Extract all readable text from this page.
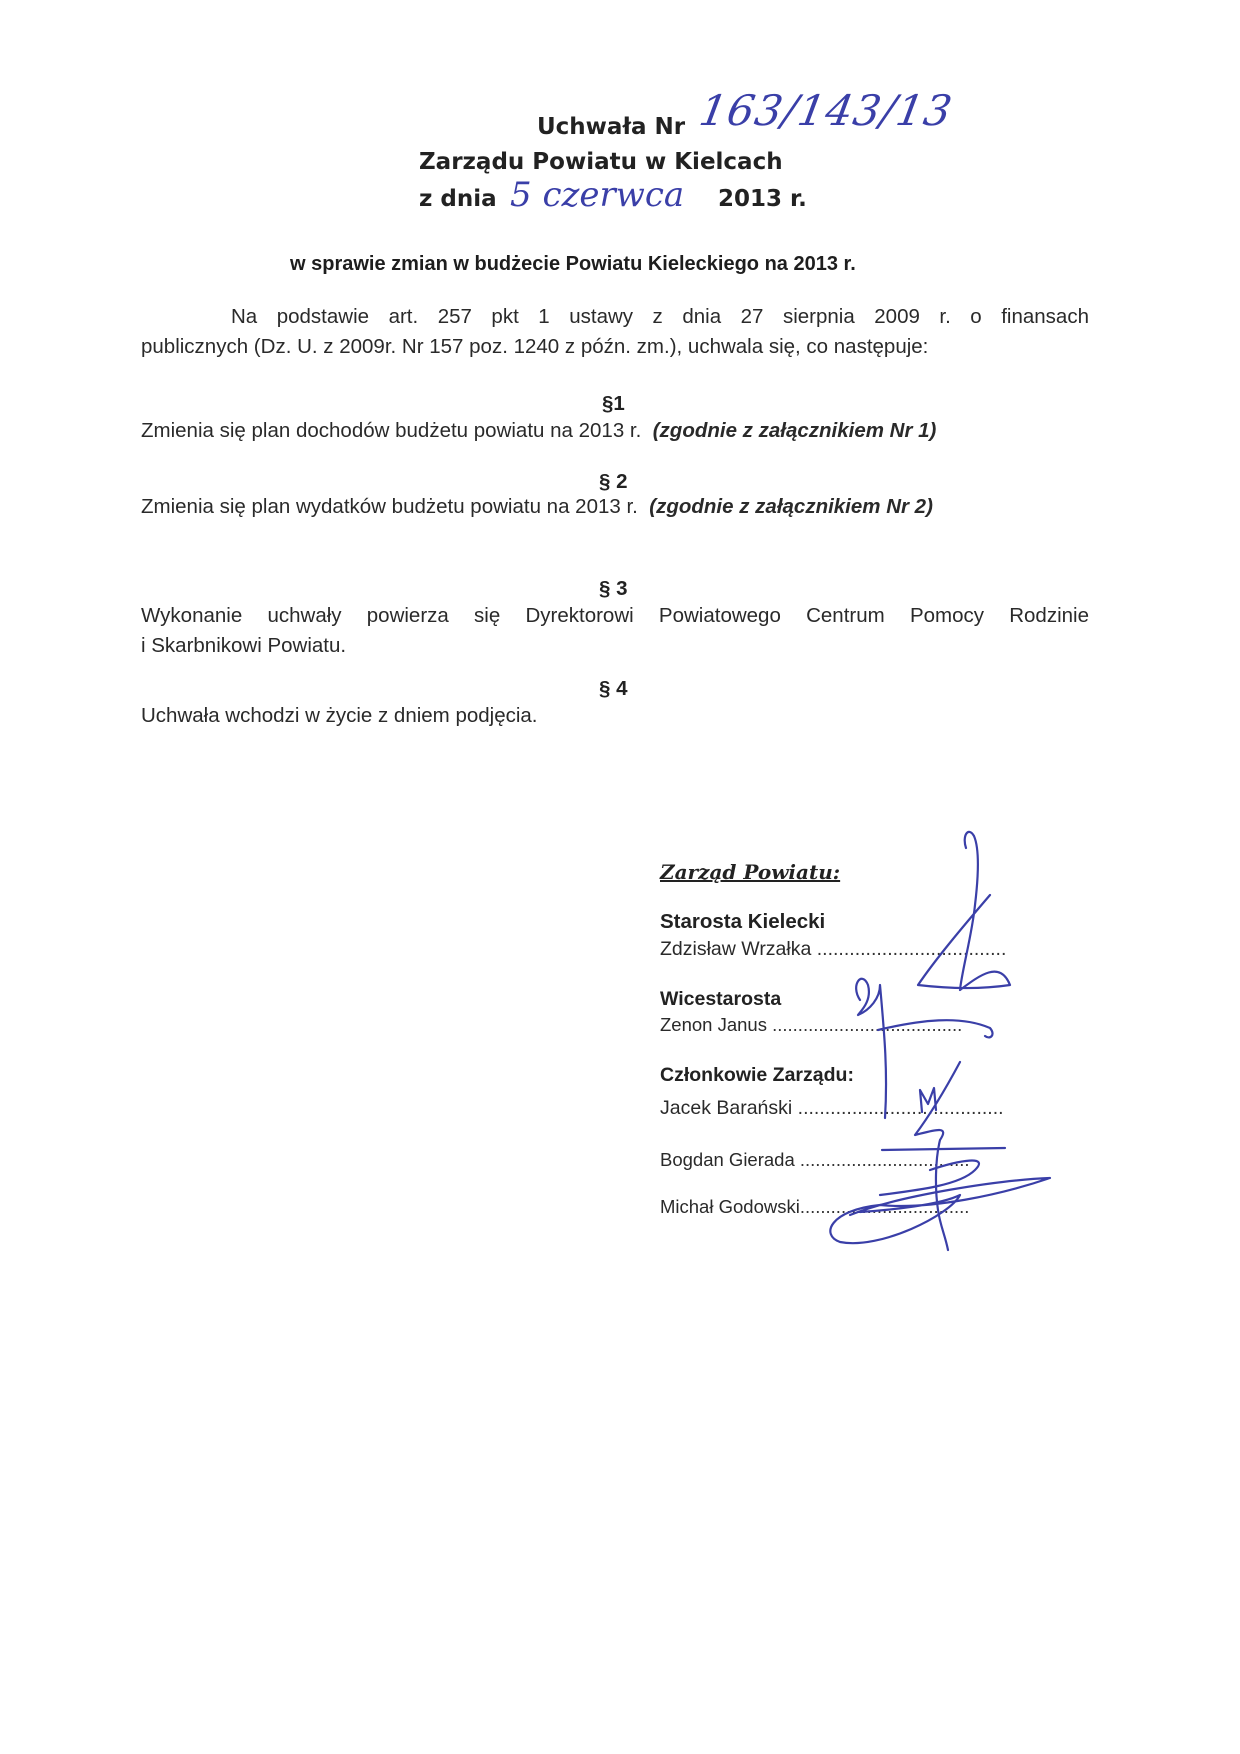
Uchwała Nr 163/143/13
Zarządu Powiatu w Kielcach
z dnia 5 czerwca 2013 r.
w sprawie zmian w budżecie Powiatu Kieleckiego na 2013 r.
Na podstawie art. 257 pkt 1 ustawy z dnia 27 sierpnia 2009 r. o finansach
publicznych (Dz. U. z 2009r. Nr 157 poz. 1240 z późn. zm.), uchwala się, co następuje:
§1
Zmienia się plan dochodów budżetu powiatu na 2013 r. (zgodnie z załącznikiem Nr 1)
§ 2
Zmienia się plan wydatków budżetu powiatu na 2013 r. (zgodnie z załącznikiem Nr 2)
§ 3
Wykonanie uchwały powierza się Dyrektorowi Powiatowego Centrum Pomocy Rodzinie
i Skarbnikowi Powiatu.
§ 4
Uchwała wchodzi w życie z dniem podjęcia.
Zarząd Powiatu:
Starosta Kielecki
Zdzisław Wrzałka ...................................
Wicestarosta
Zenon Janus .....................................
Członkowie Zarządu:
Jacek Barański ......................................
Bogdan Gierada .................................
Michał Godowski.................................
